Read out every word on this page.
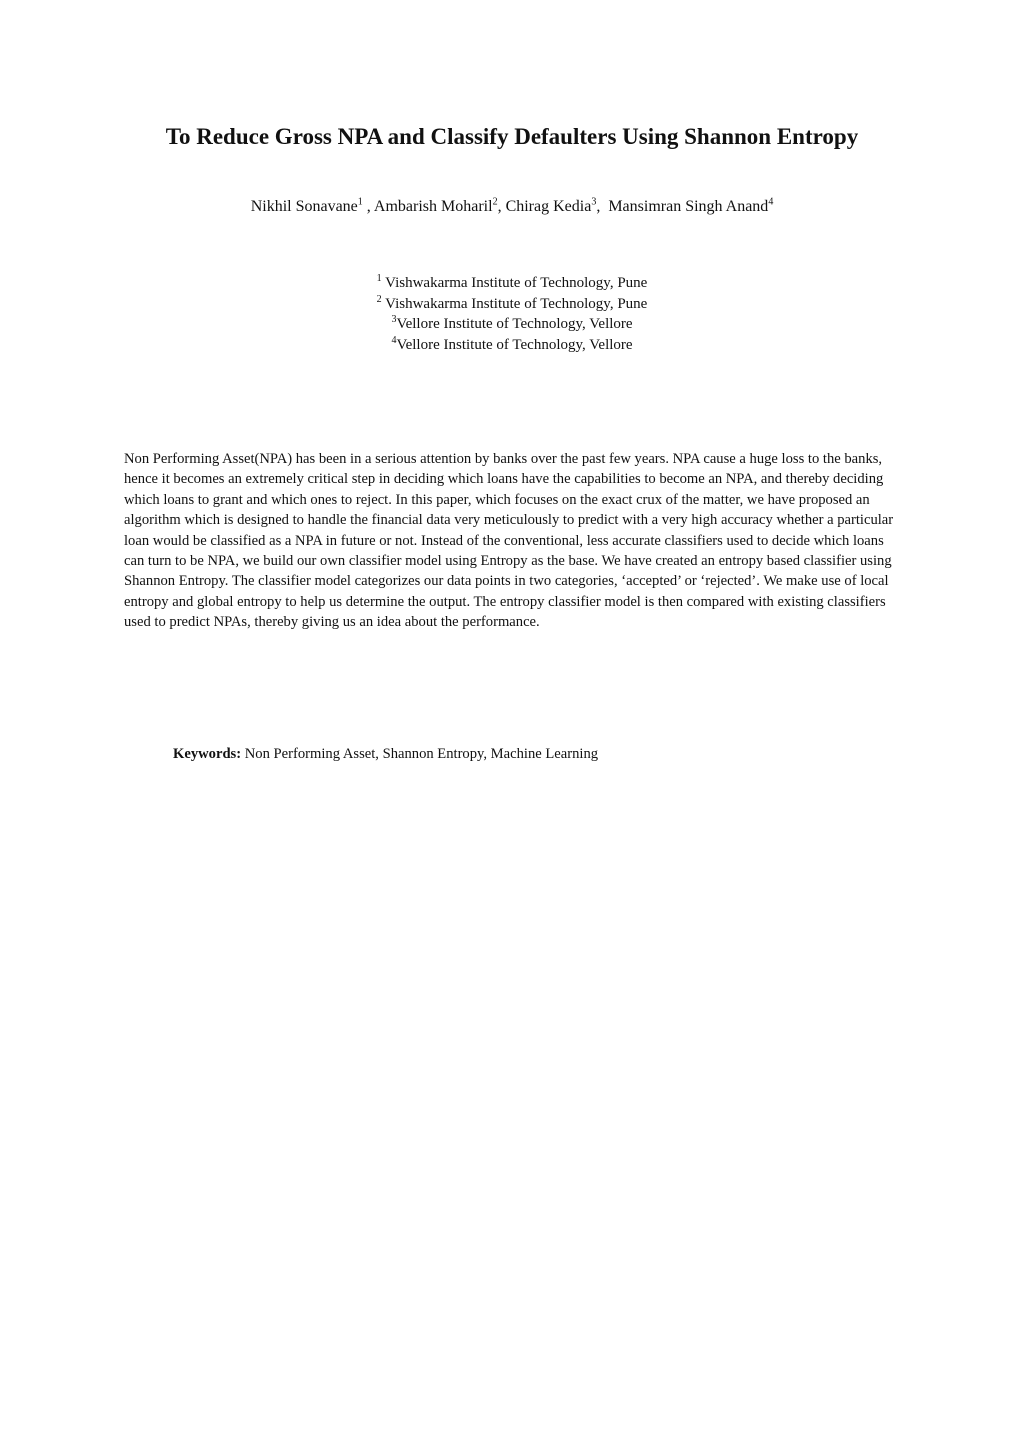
To Reduce Gross NPA and Classify Defaulters Using Shannon Entropy
Nikhil Sonavane$^1$ , Ambarish Moharil$^2$, Chirag Kedia$^3$,  Mansimran Singh Anand$^4$
$^1$ Vishwakarma Institute of Technology, Pune
$^2$ Vishwakarma Institute of Technology, Pune
$^3$Vellore Institute of Technology, Vellore
$^4$Vellore Institute of Technology, Vellore

Non Performing Asset(NPA) has been in a serious attention by banks over the past few years. NPA cause a huge loss to the banks, hence it becomes an extremely critical step in deciding which loans have the capabilities to become an NPA, and thereby deciding which loans to grant and which ones to reject. In this paper, which focuses on the exact crux of the matter, we have proposed an algorithm which is designed to handle the financial data very meticulously to predict with a very high accuracy whether a particular loan would be classified as a NPA in future or not. Instead of the conventional, less accurate classifiers used to decide which loans can turn to be NPA, we build our own classifier model using Entropy as the base. We have created an entropy based classifier using Shannon Entropy. The classifier model categorizes our data points in two categories, ‘accepted’ or ‘rejected’. We make use of local entropy and global entropy to help us determine the output. The entropy classifier model is then compared with existing classifiers used to predict NPAs, thereby giving us an idea about the performance.

Keywords: Non Performing Asset, Shannon Entropy, Machine Learning
